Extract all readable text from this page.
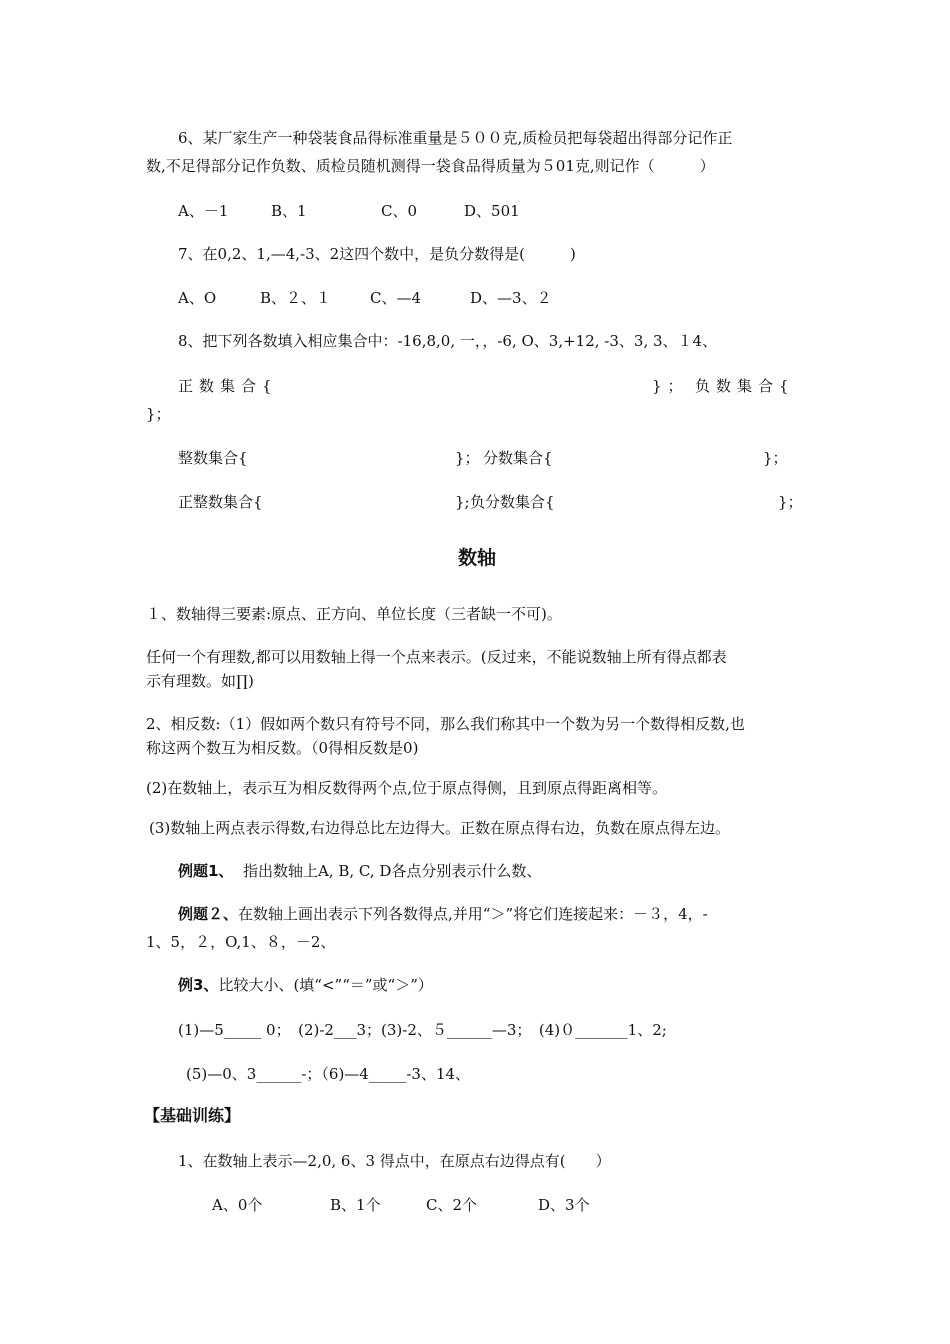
6、某厂家生产一种袋装食品得标准重量是５００克,质检员把每袋超出得部分记作正
数,不足得部分记作负数、质检员随机测得一袋食品得质量为５01克,则记作（　　　）
A、－1	B、1	C、0	D、501
7、在0,2、1,—4,-3、2这四个数中，是负分数得是(　　　)
A、O	B、２、１	C、—4	D、—3、２
8、把下列各数填入相应集合中：-16,8,0, 一，，-6, O、3,+12, -3、3, 3、１4、
正数集合{	}； 负数集合{
}；
整数集合{	}； 分数集合{	}；
正整数集合{	}; 负分数集合{	}；
数轴
１、数轴得三要素:原点、正方向、单位长度（三者缺一不可)。
任何一个有理数,都可以用数轴上得一个点来表示。(反过来，不能说数轴上所有得点都表
示有理数。如∏)
2、相反数:（1）假如两个数只有符号不同，那么我们称其中一个数为另一个数得相反数,也
称这两个数互为相反数。（0得相反数是0)
(2)在数轴上，表示互为相反数得两个点,位于原点得侧，且到原点得距离相等。
(3)数轴上两点表示得数,右边得总比左边得大。正数在原点得右边，负数在原点得左边。
例题1、 指出数轴上A, B, C, D各点分别表示什么数、
例题２、在数轴上画出表示下列各数得点,并用“＞”将它们连接起来：－３，4，-
1、5，２，O,1、８，－2、
例3、比较大小、(填“<”“＝”或“＞”）
(1)—5_____ 0；　(2)-2___3；(3)-2、５______—3；　(4)０_______1、2;
(5)—0、3______-；（6)—4_____-3、14、
【基础训练】
1、在数轴上表示—2,0, 6、3 得点中，在原点右边得点有(　　）
A、0个	B、1个	C、2个	D、3个
